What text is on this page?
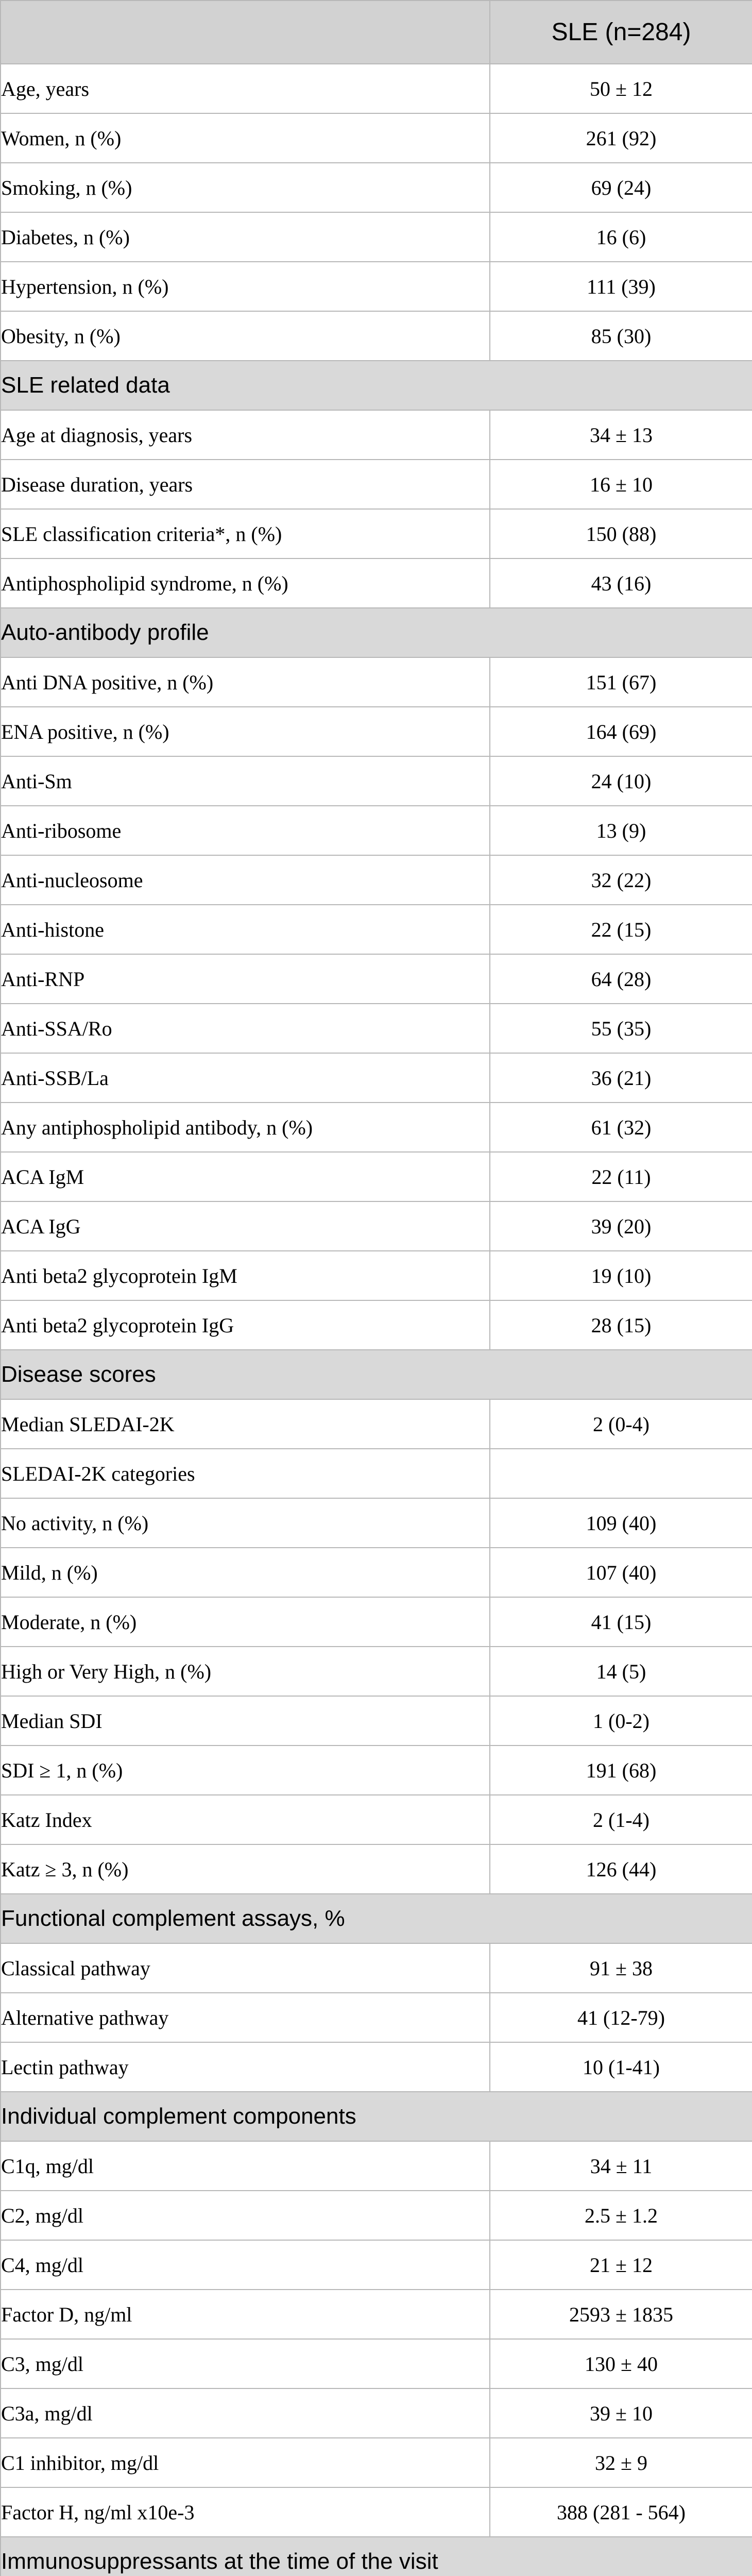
	SLE (n=284)
Age, years	50 ± 12
Women, n (%)	261 (92)
Smoking, n (%)	69 (24)
Diabetes, n (%)	16 (6)
Hypertension, n (%)	111 (39)
Obesity, n (%)	85 (30)
SLE related data	
Age at diagnosis, years	34 ± 13
Disease duration, years	16 ± 10
SLE classification criteria*, n (%)	150 (88)
Antiphospholipid syndrome, n (%)	43 (16)
Auto-antibody profile	
Anti DNA positive, n (%)	151 (67)
ENA positive, n (%)	164 (69)
Anti-Sm	24 (10)
Anti-ribosome	13 (9)
Anti-nucleosome	32 (22)
Anti-histone	22 (15)
Anti-RNP	64 (28)
Anti-SSA/Ro	55 (35)
Anti-SSB/La	36 (21)
Any antiphospholipid antibody, n (%)	61 (32)
ACA IgM	22 (11)
ACA IgG	39 (20)
Anti beta2 glycoprotein IgM	19 (10)
Anti beta2 glycoprotein IgG	28 (15)
Disease scores	
Median SLEDAI-2K	2 (0-4)
SLEDAI-2K categories	
No activity, n (%)	109 (40)
Mild, n (%)	107 (40)
Moderate, n (%)	41 (15)
High or Very High, n (%)	14 (5)
Median SDI	1 (0-2)
SDI ≥ 1, n (%)	191 (68)
Katz Index	2 (1-4)
Katz ≥ 3, n (%)	126 (44)
Functional complement assays, %	
Classical pathway	91 ± 38
Alternative pathway	41 (12-79)
Lectin pathway	10 (1-41)
Individual complement components	
C1q, mg/dl	34 ± 11
C2, mg/dl	2.5 ± 1.2
C4, mg/dl	21 ± 12
Factor D, ng/ml	2593 ± 1835
C3, mg/dl	130 ± 40
C3a, mg/dl	39 ± 10
C1 inhibitor, mg/dl	32 ± 9
Factor H, ng/ml x10e-3	388 (281 - 564)
Immunosuppressants at the time of the visit	
